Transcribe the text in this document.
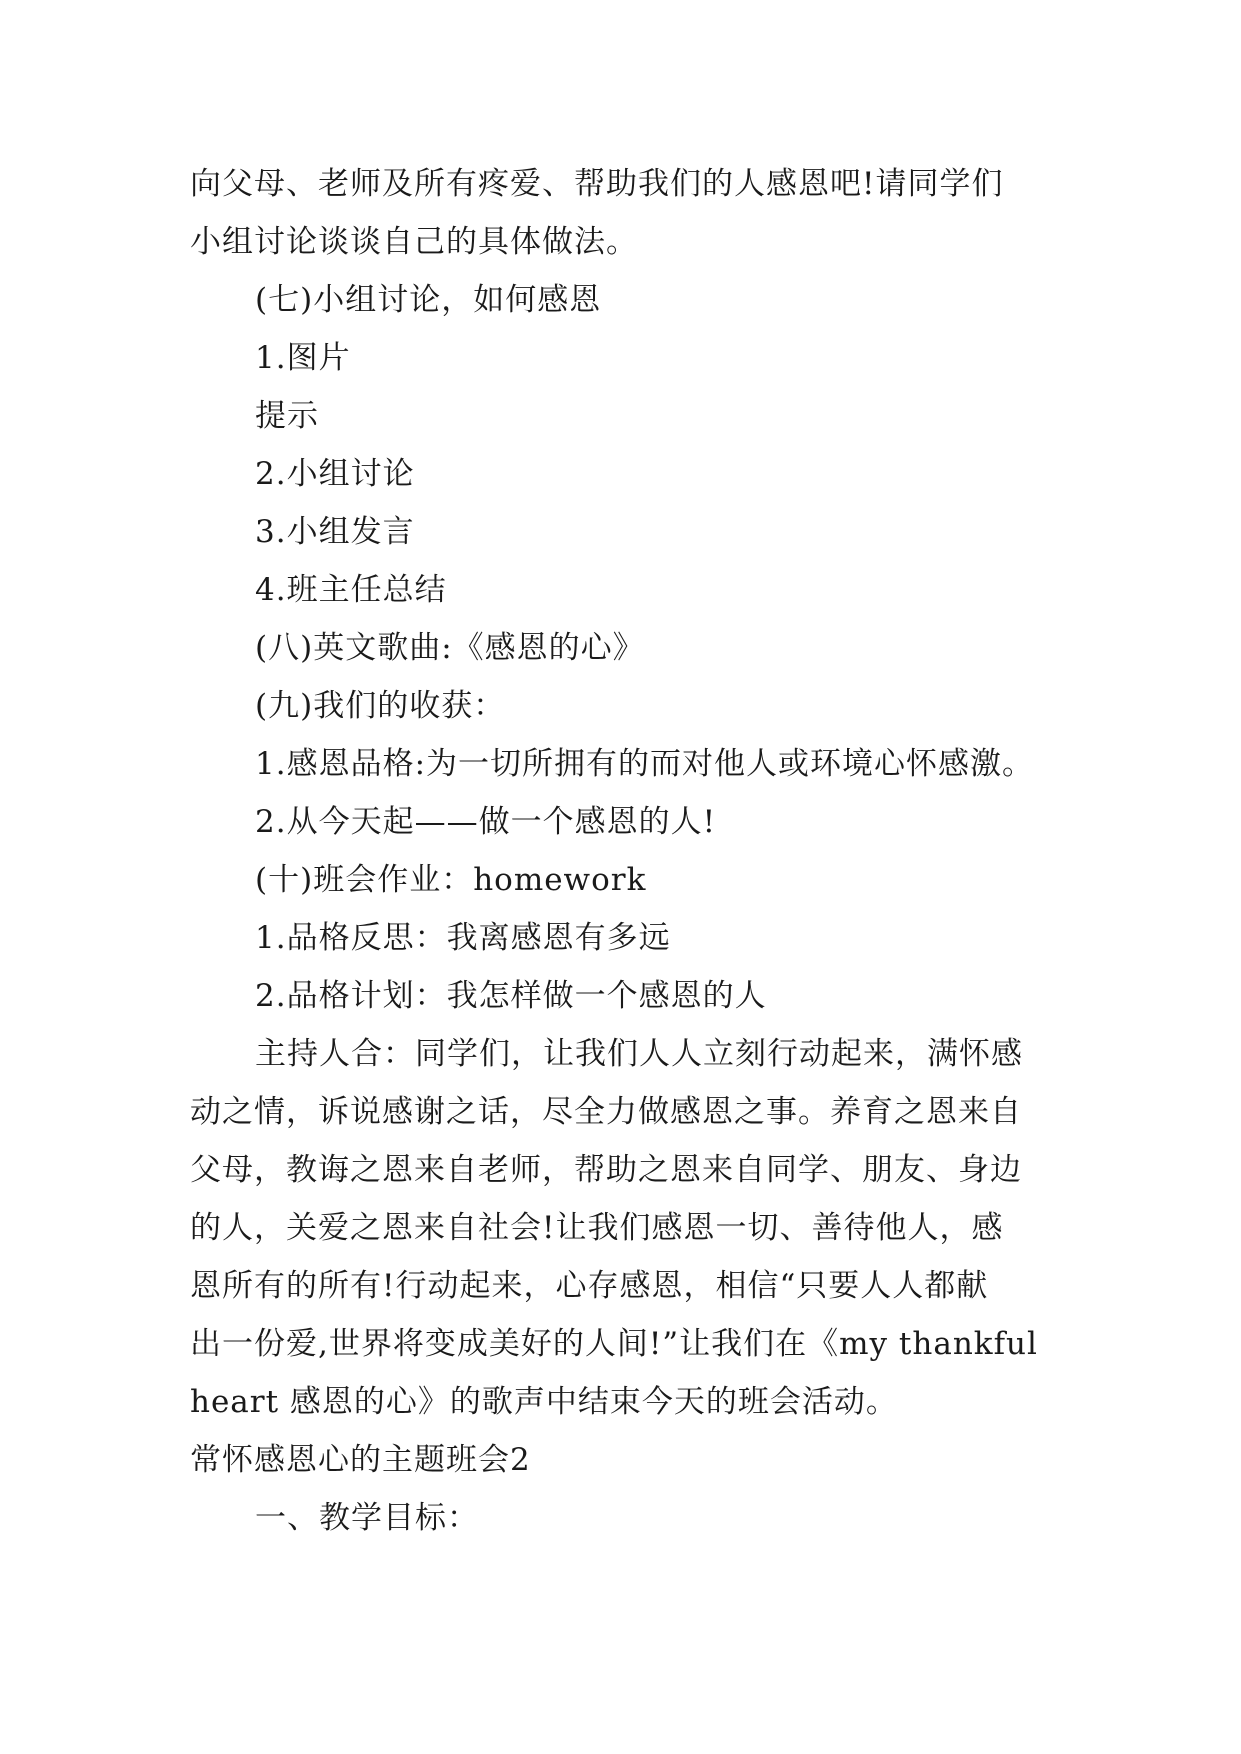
向父母、老师及所有疼爱、帮助我们的人感恩吧!请同学们
小组讨论谈谈自己的具体做法。
(七)小组讨论，如何感恩
1.图片
提示
2.小组讨论
3.小组发言
4.班主任总结
(八)英文歌曲:《感恩的心》
(九)我们的收获：
1.感恩品格:为一切所拥有的而对他人或环境心怀感激。
2.从今天起——做一个感恩的人!
(十)班会作业：homework
1.品格反思：我离感恩有多远
2.品格计划：我怎样做一个感恩的人
主持人合：同学们，让我们人人立刻行动起来，满怀感
动之情，诉说感谢之话，尽全力做感恩之事。养育之恩来自
父母，教诲之恩来自老师，帮助之恩来自同学、朋友、身边
的人，关爱之恩来自社会!让我们感恩一切、善待他人，感
恩所有的所有!行动起来，心存感恩，相信“只要人人都献
出一份爱,世界将变成美好的人间!”让我们在《my thankful
heart 感恩的心》的歌声中结束今天的班会活动。
常怀感恩心的主题班会2
一、教学目标：
